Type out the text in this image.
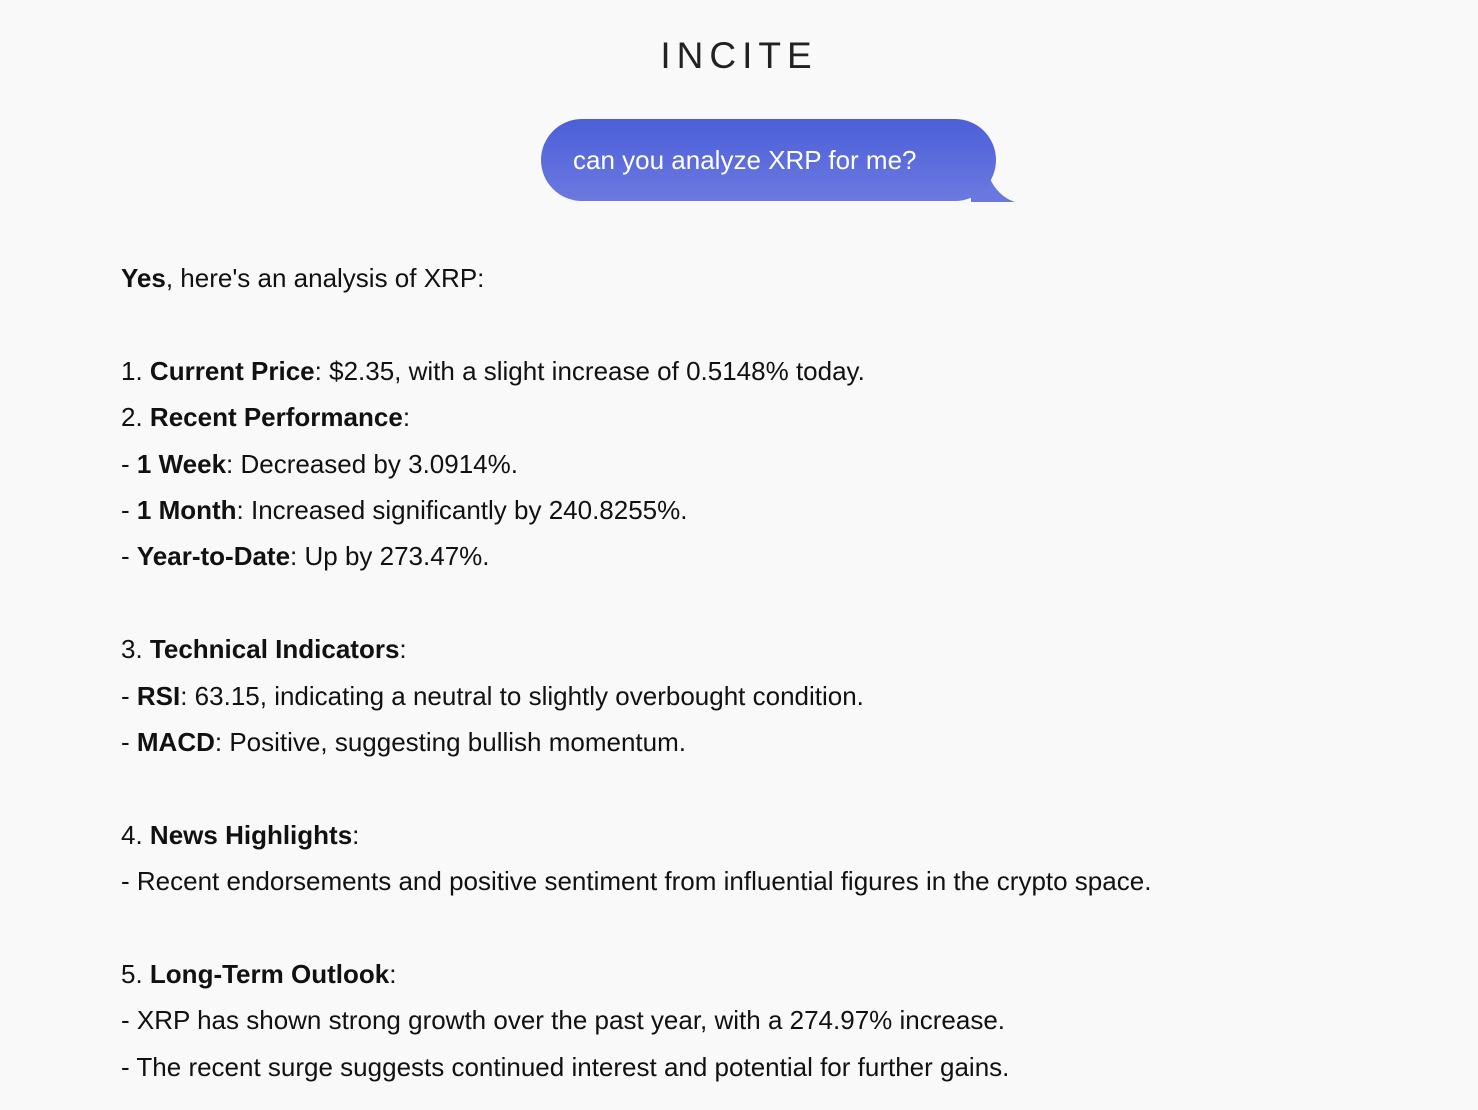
INCITE
can you analyze XRP for me?
Yes, here's an analysis of XRP:
1. Current Price: $2.35, with a slight increase of 0.5148% today.
2. Recent Performance:
- 1 Week: Decreased by 3.0914%.
- 1 Month: Increased significantly by 240.8255%.
- Year-to-Date: Up by 273.47%.
3. Technical Indicators:
- RSI: 63.15, indicating a neutral to slightly overbought condition.
- MACD: Positive, suggesting bullish momentum.
4. News Highlights:
- Recent endorsements and positive sentiment from influential figures in the crypto space.
5. Long-Term Outlook:
- XRP has shown strong growth over the past year, with a 274.97% increase.
- The recent surge suggests continued interest and potential for further gains.
